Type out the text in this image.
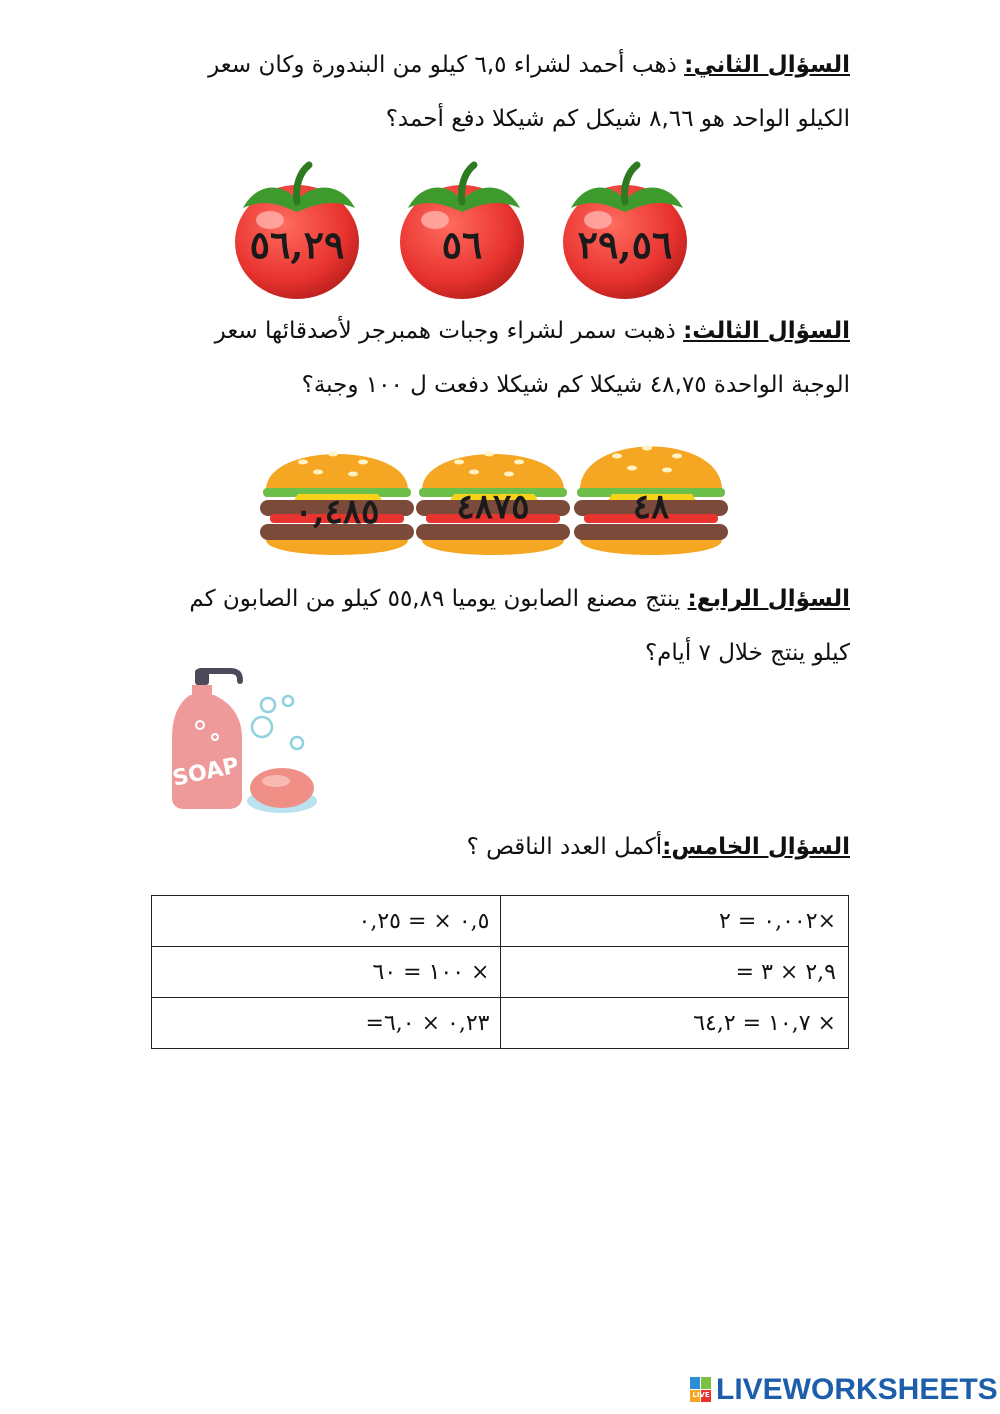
السؤال الثاني: ذهب أحمد لشراء ٦,٥ كيلو من البندورة وكان سعر الكيلو الواحد هو ٨,٦٦ شيكل كم شيكلا دفع أحمد؟
٥٦,٢٩	٥٦	٢٩,٥٦
السؤال الثالث: ذهبت سمر لشراء وجبات همبرجر لأصدقائها سعر الوجبة الواحدة ٤٨,٧٥ شيكلا كم شيكلا دفعت ل ١٠٠ وجبة؟
٠,٤٨٥	٤٨٧٥	٤٨
السؤال الرابع: ينتج مصنع الصابون يوميا ٥٥,٨٩ كيلو من الصابون كم كيلو ينتج خلال ٧ أيام؟
SOAP
السؤال الخامس:أكمل العدد الناقص ؟
٠,٥ × = ٠,٢٥	×٠,٠٠٢ = ٢
× ١٠٠ = ٦٠	٢,٩ × ٣ =
٠,٢٣ × ٦,٠=	× ١٠,٧ = ٦٤,٢
LIVE LIVEWORKSHEETS
